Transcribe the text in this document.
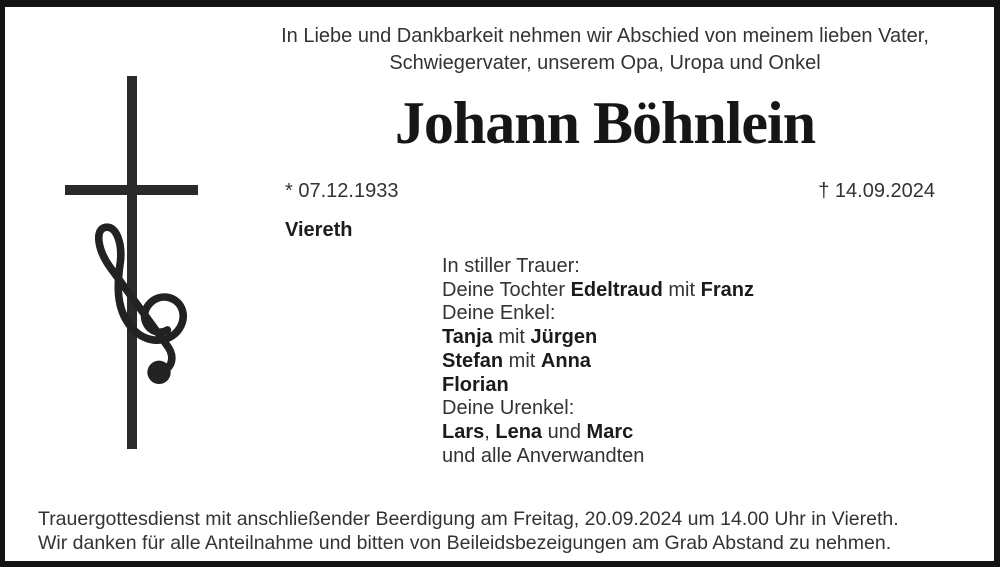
In Liebe und Dankbarkeit nehmen wir Abschied von meinem lieben Vater,
Schwiegervater, unserem Opa, Uropa und Onkel
Johann Böhnlein
* 07.12.1933	† 14.09.2024
Viereth
In stiller Trauer:
Deine Tochter Edeltraud mit Franz
Deine Enkel:
Tanja mit Jürgen
Stefan mit Anna
Florian
Deine Urenkel:
Lars, Lena und Marc
und alle Anverwandten
Trauergottesdienst mit anschließender Beerdigung am Freitag, 20.09.2024 um 14.00 Uhr in Viereth.
Wir danken für alle Anteilnahme und bitten von Beileidsbezeigungen am Grab Abstand zu nehmen.
